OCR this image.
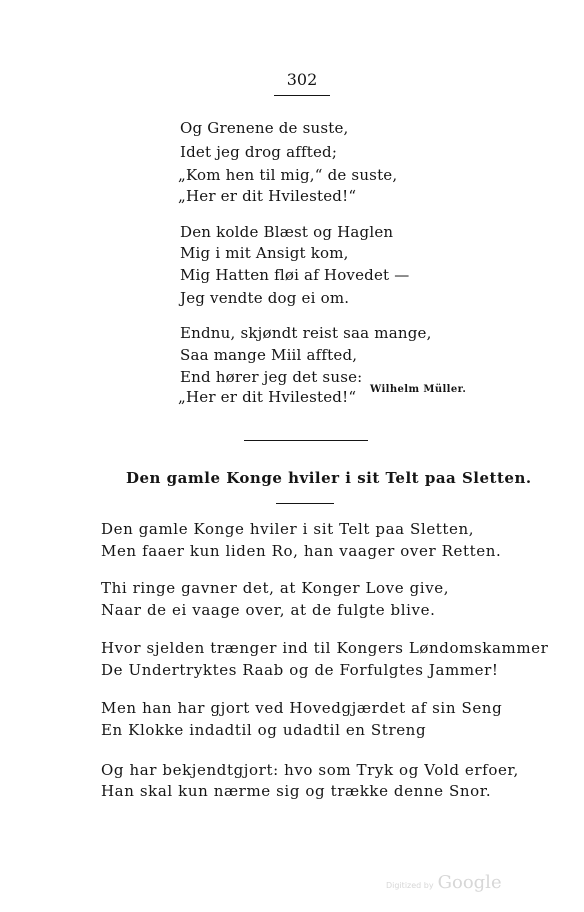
302
Og Grenene de suste,
Idet jeg drog affted;
„Kom hen til mig,“ de suste,
„Her er dit Hvilested!“
Den kolde Blæst og Haglen
Mig i mit Ansigt kom,
Mig Hatten fløi af Hovedet —
Jeg vendte dog ei om.
Endnu, skjøndt reist saa mange,
Saa mange Miil affted,
End hører jeg det suse:
„Her er dit Hvilested!“ Wilhelm Müller.
Den gamle Konge hviler i sit Telt paa Sletten.
Den gamle Konge hviler i sit Telt paa Sletten,
Men faaer kun liden Ro, han vaager over Retten.
Thi ringe gavner det, at Konger Love give,
Naar de ei vaage over, at de fulgte blive.
Hvor sjelden trænger ind til Kongers Løndomskammer
De Undertryktes Raab og de Forfulgtes Jammer!
Men han har gjort ved Hovedgjærdet af sin Seng
En Klokke indadtil og udadtil en Streng
Og har bekjendtgjort: hvo som Tryk og Vold erfoer,
Han skal kun nærme sig og trække denne Snor.
Digitized by Google
